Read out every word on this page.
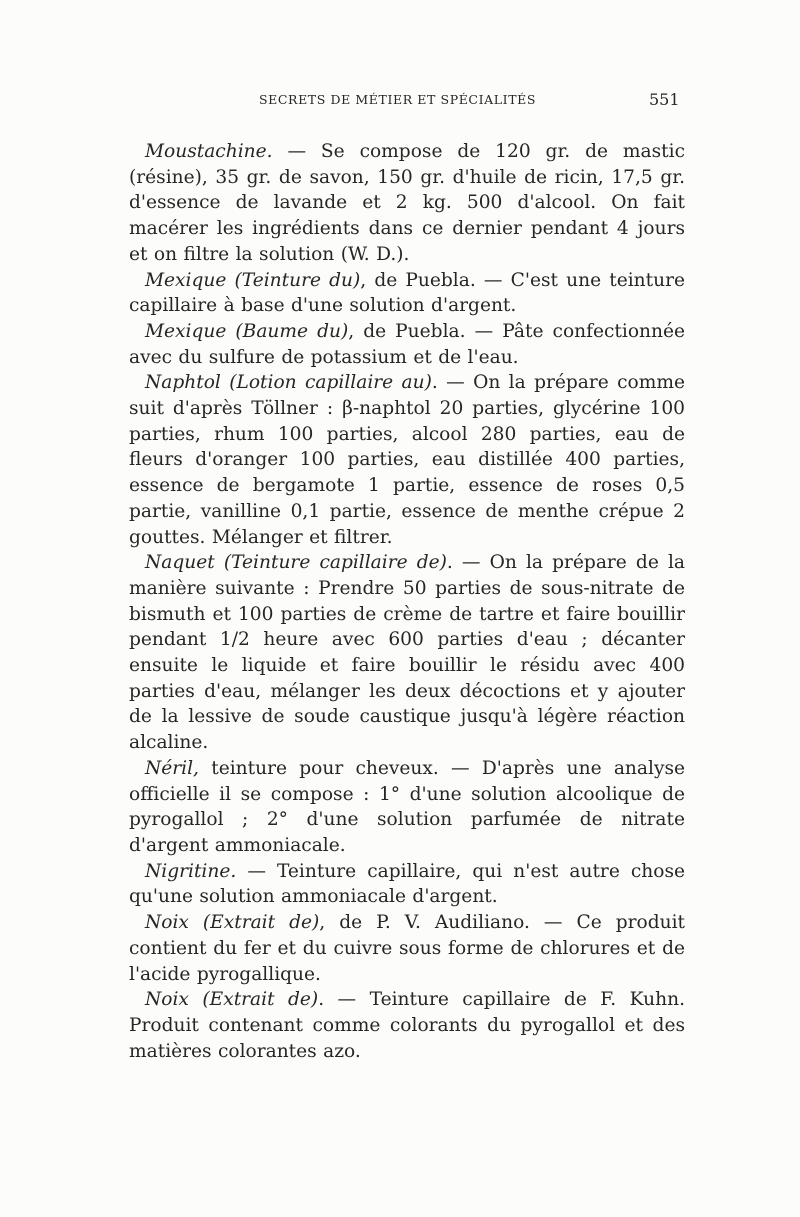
SECRETS DE MÉTIER ET SPÉCIALITÉS	551

Moustachine. — Se compose de 120 gr. de mastic (résine), 35 gr. de savon, 150 gr. d'huile de ricin, 17,5 gr. d'essence de lavande et 2 kg. 500 d'alcool. On fait macérer les ingrédients dans ce dernier pendant 4 jours et on filtre la solution (W. D.).

Mexique (Teinture du), de Puebla. — C'est une teinture capillaire à base d'une solution d'argent.

Mexique (Baume du), de Puebla. — Pâte confectionnée avec du sulfure de potassium et de l'eau.

Naphtol (Lotion capillaire au). — On la prépare comme suit d'après Töllner : β-naphtol 20 parties, glycérine 100 parties, rhum 100 parties, alcool 280 parties, eau de fleurs d'oranger 100 parties, eau distillée 400 parties, essence de bergamote 1 partie, essence de roses 0,5 partie, vanilline 0,1 partie, essence de menthe crépue 2 gouttes. Mélanger et filtrer.

Naquet (Teinture capillaire de). — On la prépare de la manière suivante : Prendre 50 parties de sous-nitrate de bismuth et 100 parties de crème de tartre et faire bouillir pendant 1/2 heure avec 600 parties d'eau ; décanter ensuite le liquide et faire bouillir le résidu avec 400 parties d'eau, mélanger les deux décoctions et y ajouter de la lessive de soude caustique jusqu'à légère réaction alcaline.

Néril, teinture pour cheveux. — D'après une analyse officielle il se compose : 1° d'une solution alcoolique de pyrogallol ; 2° d'une solution parfumée de nitrate d'argent ammoniacale.

Nigritine. — Teinture capillaire, qui n'est autre chose qu'une solution ammoniacale d'argent.

Noix (Extrait de), de P. V. Audiliano. — Ce produit contient du fer et du cuivre sous forme de chlorures et de l'acide pyrogallique.

Noix (Extrait de). — Teinture capillaire de F. Kuhn. Produit contenant comme colorants du pyrogallol et des matières colorantes azo.
